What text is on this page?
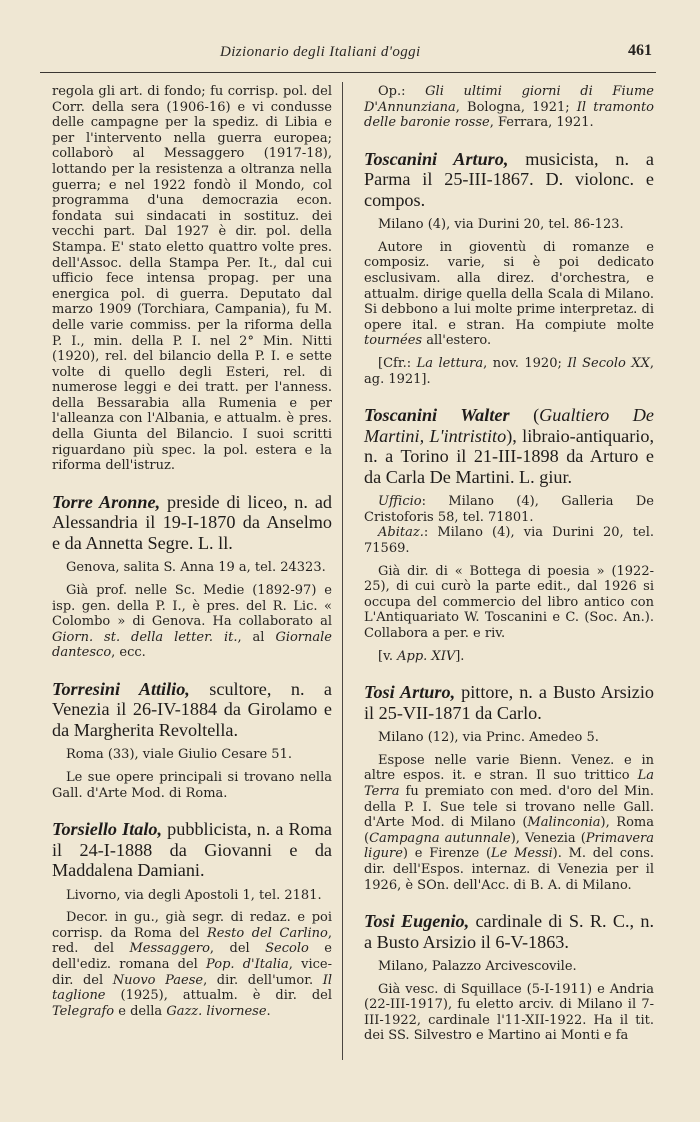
Dizionario degli Italiani d'oggi	461

regola gli art. di fondo; fu corrisp. pol. del Corr. della sera (1906-16) e vi condusse delle campagne per la spediz. di Libia e per l'intervento nella guerra europea; collaborò al Messaggero (1917-18), lottando per la resistenza a oltranza nella guerra; e nel 1922 fondò il Mondo, col programma d'una democrazia econ. fondata sui sindacati in sostituz. dei vecchi part. Dal 1927 è dir. pol. della Stampa. E' stato eletto quattro volte pres. dell'Assoc. della Stampa Per. It., dal cui ufficio fece intensa propag. per una energica pol. di guerra. Deputato dal marzo 1909 (Torchiara, Campania), fu M. delle varie commiss. per la riforma della P. I., min. della P. I. nel 2° Min. Nitti (1920), rel. del bilancio della P. I. e sette volte di quello degli Esteri, rel. di numerose leggi e dei tratt. per l'anness. della Bessarabia alla Rumenia e per l'alleanza con l'Albania, e attualm. è pres. della Giunta del Bilancio. I suoi scritti riguardano più spec. la pol. estera e la riforma dell'istruz.

Torre Aronne, preside di liceo, n. ad Alessandria il 19-I-1870 da Anselmo e da Annetta Segre. L. ll.

Genova, salita S. Anna 19 a, tel. 24323.

Già prof. nelle Sc. Medie (1892-97) e isp. gen. della P. I., è pres. del R. Lic. « Colombo » di Genova. Ha collaborato al Giorn. st. della letter. it., al Giornale dantesco, ecc.

Torresini Attilio, scultore, n. a Venezia il 26-IV-1884 da Girolamo e da Margherita Revoltella.

Roma (33), viale Giulio Cesare 51.

Le sue opere principali si trovano nella Gall. d'Arte Mod. di Roma.

Torsiello Italo, pubblicista, n. a Roma il 24-I-1888 da Giovanni e da Maddalena Damiani.

Livorno, via degli Apostoli 1, tel. 2181.

Decor. in gu., già segr. di redaz. e poi corrisp. da Roma del Resto del Carlino, red. del Messaggero, del Secolo e dell'ediz. romana del Pop. d'Italia, vice-dir. del Nuovo Paese, dir. dell'umor. Il taglione (1925), attualm. è dir. del Telegrafo e della Gazz. livornese.

Op.: Gli ultimi giorni di Fiume D'Annunziana, Bologna, 1921; Il tramonto delle baronie rosse, Ferrara, 1921.

Toscanini Arturo, musicista, n. a Parma il 25-III-1867. D. violonc. e compos.

Milano (4), via Durini 20, tel. 86-123.

Autore in gioventù di romanze e composiz. varie, si è poi dedicato esclusivam. alla direz. d'orchestra, e attualm. dirige quella della Scala di Milano. Si debbono a lui molte prime interpretaz. di opere ital. e stran. Ha compiute molte tournées all'estero.

[Cfr.: La lettura, nov. 1920; Il Secolo XX, ag. 1921].

Toscanini Walter (Gualtiero De Martini, L'intristito), libraio-antiquario, n. a Torino il 21-III-1898 da Arturo e da Carla De Martini. L. giur.

Ufficio: Milano (4), Galleria De Cristoforis 58, tel. 71801.

Abitaz.: Milano (4), via Durini 20, tel. 71569.

Già dir. di « Bottega di poesia » (1922-25), di cui curò la parte edit., dal 1926 si occupa del commercio del libro antico con L'Antiquariato W. Toscanini e C. (Soc. An.). Collabora a per. e riv.

[v. App. XIV].

Tosi Arturo, pittore, n. a Busto Arsizio il 25-VII-1871 da Carlo.

Milano (12), via Princ. Amedeo 5.

Espose nelle varie Bienn. Venez. e in altre espos. it. e stran. Il suo trittico La Terra fu premiato con med. d'oro del Min. della P. I. Sue tele si trovano nelle Gall. d'Arte Mod. di Milano (Malinconia), Roma (Campagna autunnale), Venezia (Primavera ligure) e Firenze (Le Messi). M. del cons. dir. dell'Espos. internaz. di Venezia per il 1926, è SOn. dell'Acc. di B. A. di Milano.

Tosi Eugenio, cardinale di S. R. C., n. a Busto Arsizio il 6-V-1863.

Milano, Palazzo Arcivescovile.

Già vesc. di Squillace (5-I-1911) e Andria (22-III-1917), fu eletto arciv. di Milano il 7-III-1922, cardinale l'11-XII-1922. Ha il tit. dei SS. Silvestro e Martino ai Monti e fa
